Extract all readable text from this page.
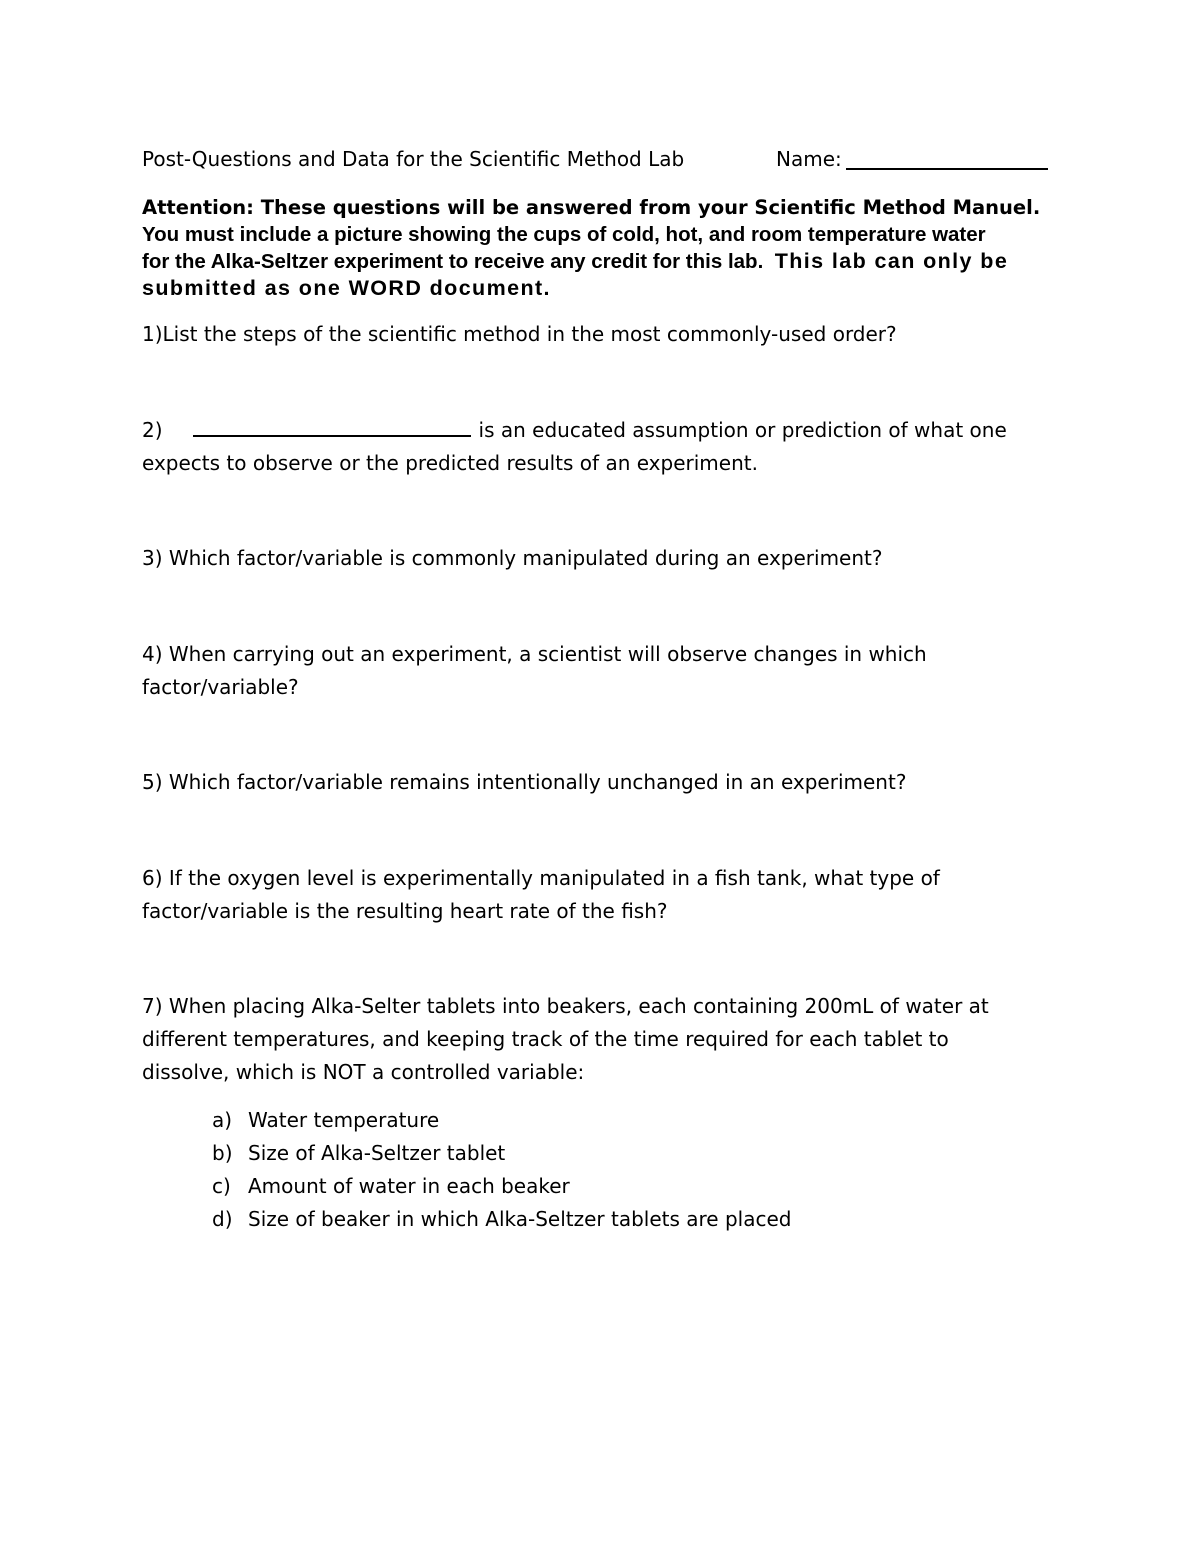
Post-Questions and Data for the Scientific Method Lab	Name:
Attention: These questions will be answered from your Scientific Method Manuel.
You must include a picture showing the cups of cold, hot, and room temperature water
for the Alka-Seltzer experiment to receive any credit for this lab. This lab can only be
submitted as one WORD document.
1)List the steps of the scientific method in the most commonly-used order?
2)	is an educated assumption or prediction of what one
expects to observe or the predicted results of an experiment.
3) Which factor/variable is commonly manipulated during an experiment?
4) When carrying out an experiment, a scientist will observe changes in which
factor/variable?
5) Which factor/variable remains intentionally unchanged in an experiment?
6) If the oxygen level is experimentally manipulated in a fish tank, what type of
factor/variable is the resulting heart rate of the fish?
7) When placing Alka-Selter tablets into beakers, each containing 200mL of water at
different temperatures, and keeping track of the time required for each tablet to
dissolve, which is NOT a controlled variable:
a) Water temperature
b) Size of Alka-Seltzer tablet
c) Amount of water in each beaker
d) Size of beaker in which Alka-Seltzer tablets are placed
